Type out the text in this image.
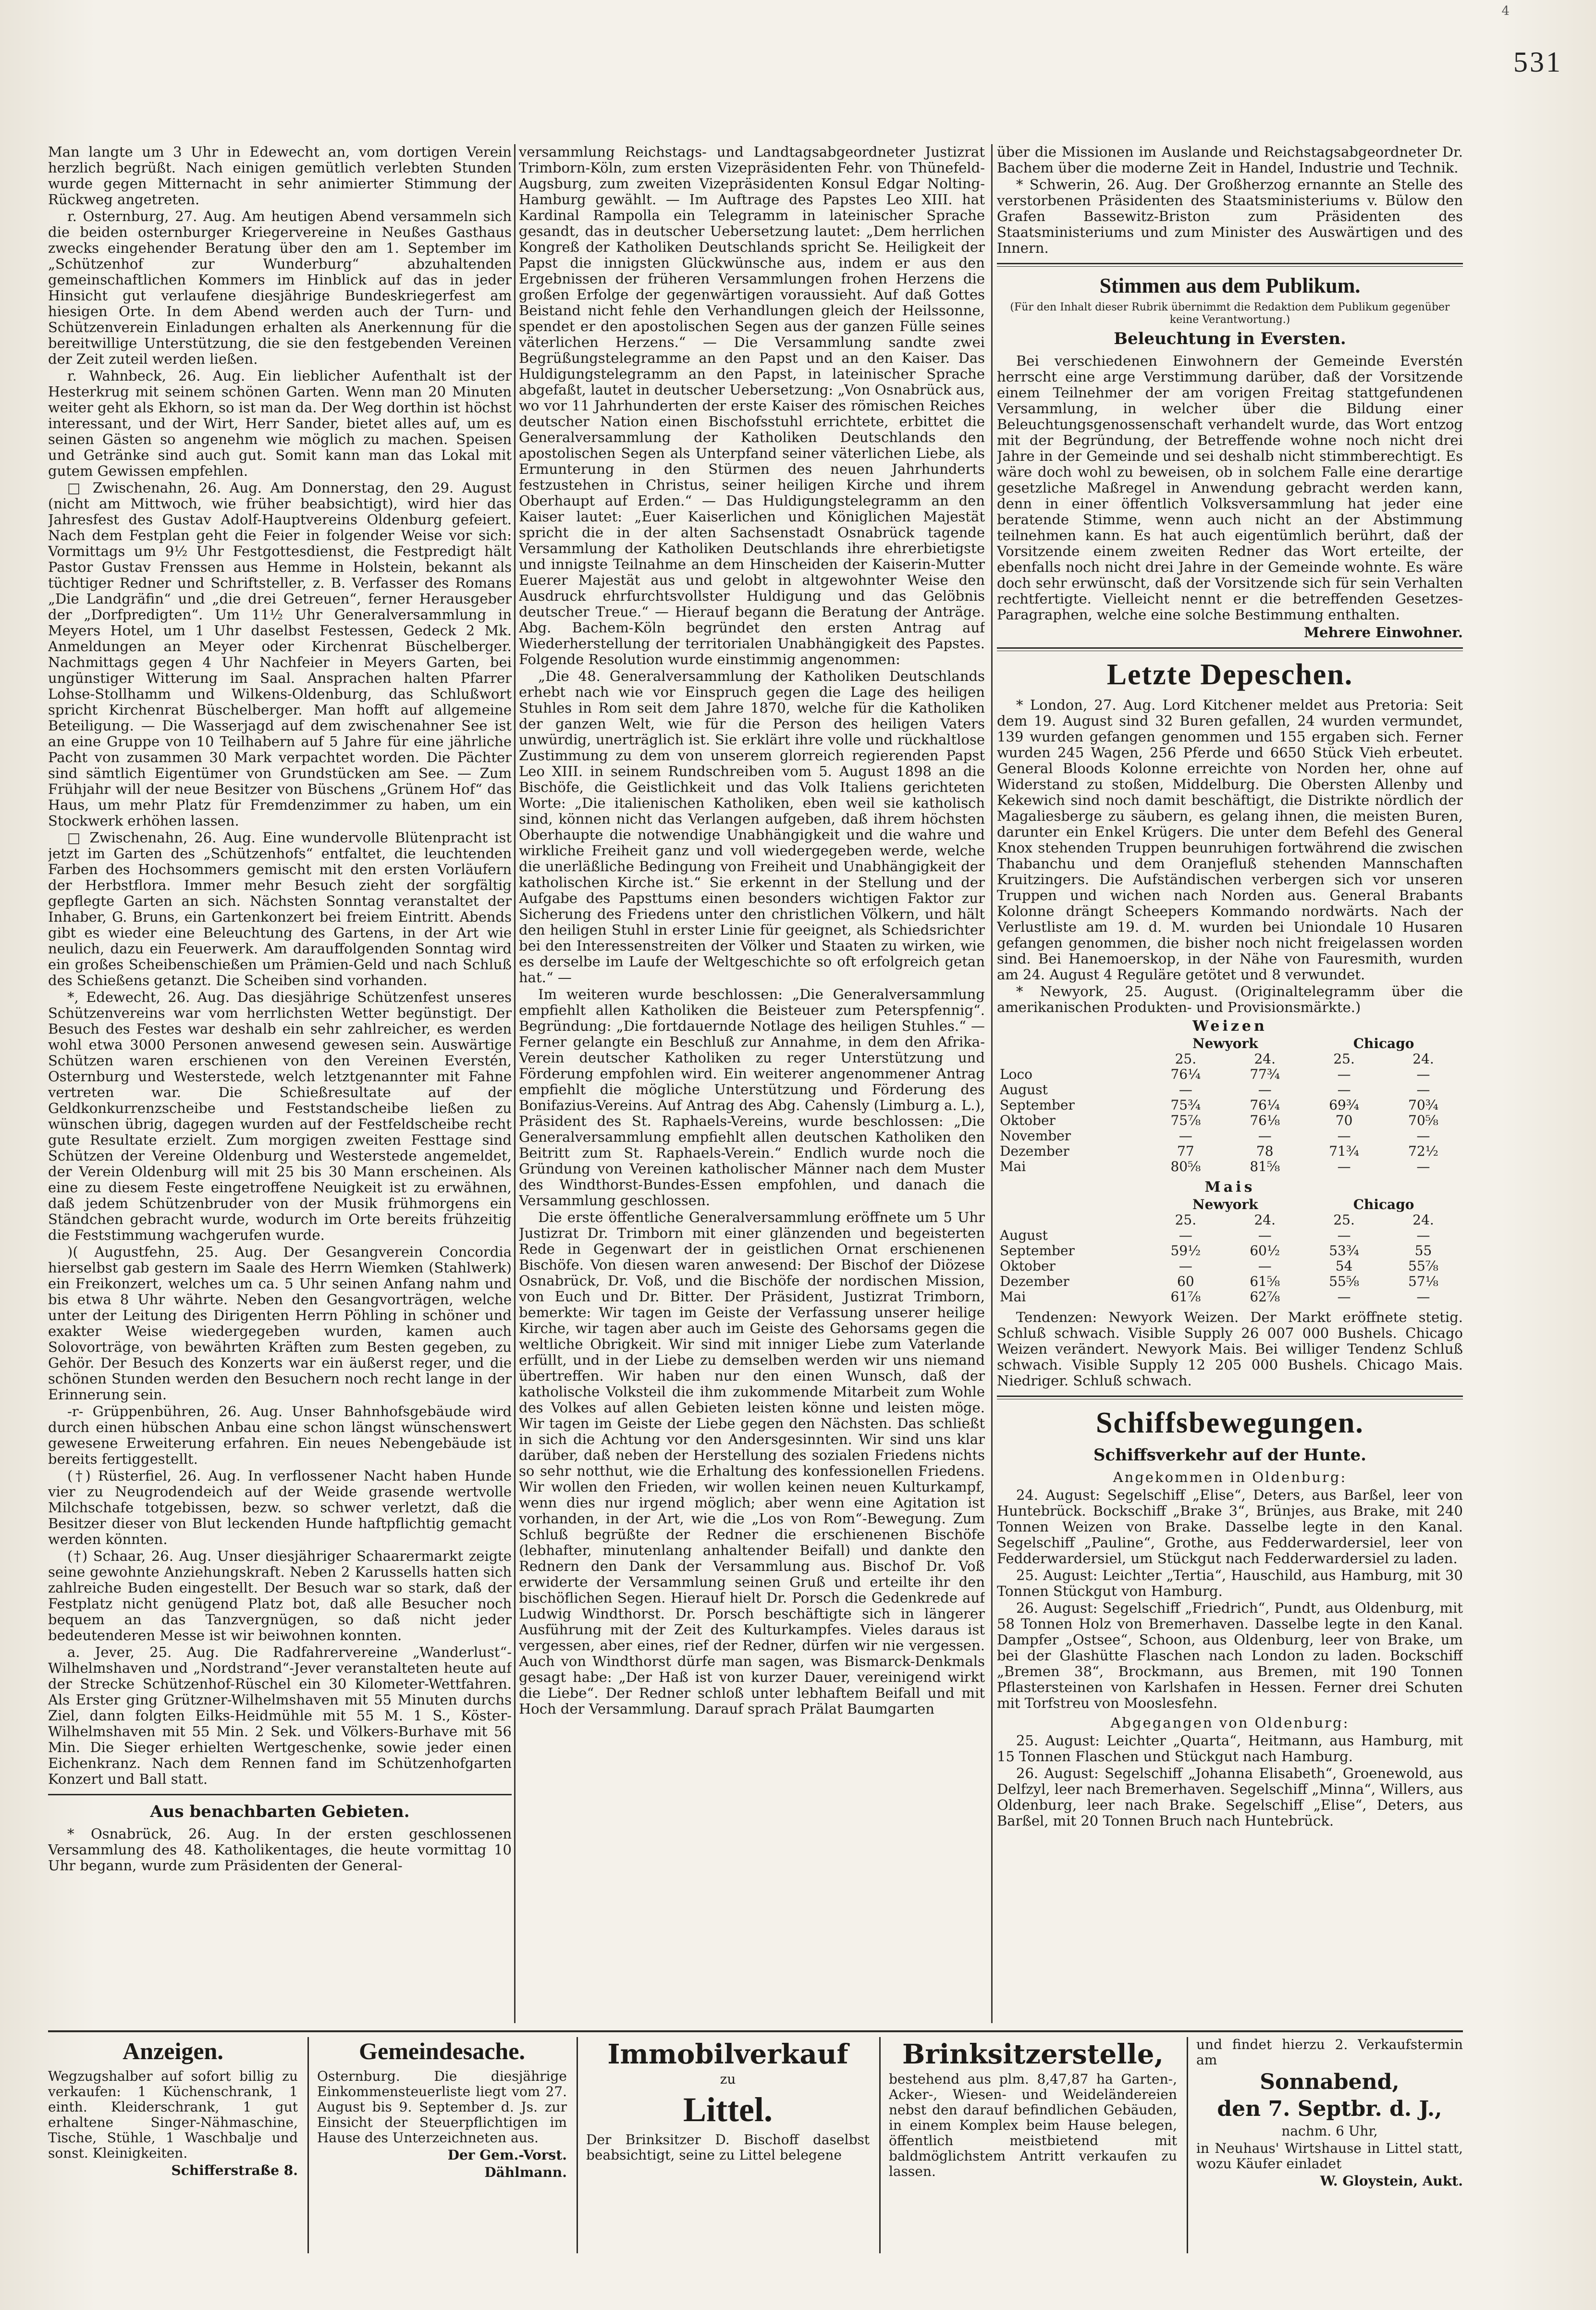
4
531

Man langte um 3 Uhr in Edewecht an, vom dortigen Verein herzlich begrüßt. Nach einigen gemütlich verlebten Stunden wurde gegen Mitternacht in sehr animierter Stimmung der Rückweg angetreten.

r. Osternburg, 27. Aug. Am heutigen Abend versammeln sich die beiden osternburger Kriegervereine in Neußes Gasthaus zwecks eingehender Beratung über den am 1. September im „Schützenhof zur Wunderburg“ abzuhaltenden gemeinschaftlichen Kommers im Hinblick auf das in jeder Hinsicht gut verlaufene diesjährige Bundeskriegerfest am hiesigen Orte. In dem Abend werden auch der Turn- und Schützenverein Einladungen erhalten als Anerkennung für die bereitwillige Unterstützung, die sie den festgebenden Vereinen der Zeit zuteil werden ließen.

r. Wahnbeck, 26. Aug. Ein lieblicher Aufenthalt ist der Hesterkrug mit seinem schönen Garten. Wenn man 20 Minuten weiter geht als Ekhorn, so ist man da. Der Weg dorthin ist höchst interessant, und der Wirt, Herr Sander, bietet alles auf, um es seinen Gästen so angenehm wie möglich zu machen. Speisen und Getränke sind auch gut. Somit kann man das Lokal mit gutem Gewissen empfehlen.

□ Zwischenahn, 26. Aug. Am Donnerstag, den 29. August (nicht am Mittwoch, wie früher beabsichtigt), wird hier das Jahresfest des Gustav Adolf-Hauptvereins Oldenburg gefeiert. Nach dem Festplan geht die Feier in folgender Weise vor sich: Vormittags um 9½ Uhr Festgottesdienst, die Festpredigt hält Pastor Gustav Frenssen aus Hemme in Holstein, bekannt als tüchtiger Redner und Schriftsteller, z. B. Verfasser des Romans „Die Landgräfin“ und „die drei Getreuen“, ferner Herausgeber der „Dorfpredigten“. Um 11½ Uhr Generalversammlung in Meyers Hotel, um 1 Uhr daselbst Festessen, Gedeck 2 Mk. Anmeldungen an Meyer oder Kirchenrat Büschelberger. Nachmittags gegen 4 Uhr Nachfeier in Meyers Garten, bei ungünstiger Witterung im Saal. Ansprachen halten Pfarrer Lohse-Stollhamm und Wilkens-Oldenburg, das Schlußwort spricht Kirchenrat Büschelberger. Man hofft auf allgemeine Beteiligung. — Die Wasserjagd auf dem zwischenahner See ist an eine Gruppe von 10 Teilhabern auf 5 Jahre für eine jährliche Pacht von zusammen 30 Mark verpachtet worden. Die Pächter sind sämtlich Eigentümer von Grundstücken am See. — Zum Frühjahr will der neue Besitzer von Büschens „Grünem Hof“ das Haus, um mehr Platz für Fremdenzimmer zu haben, um ein Stockwerk erhöhen lassen.

□ Zwischenahn, 26. Aug. Eine wundervolle Blütenpracht ist jetzt im Garten des „Schützenhofs“ entfaltet, die leuchtenden Farben des Hochsommers gemischt mit den ersten Vorläufern der Herbstflora. Immer mehr Besuch zieht der sorgfältig gepflegte Garten an sich. Nächsten Sonntag veranstaltet der Inhaber, G. Bruns, ein Gartenkonzert bei freiem Eintritt. Abends gibt es wieder eine Beleuchtung des Gartens, in der Art wie neulich, dazu ein Feuerwerk. Am darauffolgenden Sonntag wird ein großes Scheibenschießen um Prämien-Geld und nach Schluß des Schießens getanzt. Die Scheiben sind vorhanden.

*, Edewecht, 26. Aug. Das diesjährige Schützenfest unseres Schützenvereins war vom herrlichsten Wetter begünstigt. Der Besuch des Festes war deshalb ein sehr zahlreicher, es werden wohl etwa 3000 Personen anwesend gewesen sein. Auswärtige Schützen waren erschienen von den Vereinen Everstén, Osternburg und Westerstede, welch letztgenannter mit Fahne vertreten war. Die Schießresultate auf der Geldkonkurrenzscheibe und Feststandscheibe ließen zu wünschen übrig, dagegen wurden auf der Festfeldscheibe recht gute Resultate erzielt. Zum morgigen zweiten Festtage sind Schützen der Vereine Oldenburg und Westerstede angemeldet, der Verein Oldenburg will mit 25 bis 30 Mann erscheinen. Als eine zu diesem Feste eingetroffene Neuigkeit ist zu erwähnen, daß jedem Schützenbruder von der Musik frühmorgens ein Ständchen gebracht wurde, wodurch im Orte bereits frühzeitig die Feststimmung wachgerufen wurde.

)( Augustfehn, 25. Aug. Der Gesangverein Concordia hierselbst gab gestern im Saale des Herrn Wiemken (Stahlwerk) ein Freikonzert, welches um ca. 5 Uhr seinen Anfang nahm und bis etwa 8 Uhr währte. Neben den Gesangvorträgen, welche unter der Leitung des Dirigenten Herrn Pöhling in schöner und exakter Weise wiedergegeben wurden, kamen auch Solovorträge, von bewährten Kräften zum Besten gegeben, zu Gehör. Der Besuch des Konzerts war ein äußerst reger, und die schönen Stunden werden den Besuchern noch recht lange in der Erinnerung sein.

-r- Grüppenbühren, 26. Aug. Unser Bahnhofsgebäude wird durch einen hübschen Anbau eine schon längst wünschenswert gewesene Erweiterung erfahren. Ein neues Nebengebäude ist bereits fertiggestellt.

(†) Rüsterfiel, 26. Aug. In verflossener Nacht haben Hunde vier zu Neugrodendeich auf der Weide grasende wertvolle Milchschafe totgebissen, bezw. so schwer verletzt, daß die Besitzer dieser von Blut leckenden Hunde haftpflichtig gemacht werden könnten.

(†) Schaar, 26. Aug. Unser diesjähriger Schaarermarkt zeigte seine gewohnte Anziehungskraft. Neben 2 Karussells hatten sich zahlreiche Buden eingestellt. Der Besuch war so stark, daß der Festplatz nicht genügend Platz bot, daß alle Besucher noch bequem an das Tanzvergnügen, so daß nicht jeder bedeutenderen Messe ist wir beiwohnen konnten.

a. Jever, 25. Aug. Die Radfahrervereine „Wanderlust“-Wilhelmshaven und „Nordstrand“-Jever veranstalteten heute auf der Strecke Schützenhof-Rüschel ein 30 Kilometer-Wettfahren. Als Erster ging Grützner-Wilhelmshaven mit 55 Minuten durchs Ziel, dann folgten Eilks-Heidmühle mit 55 M. 1 S., Köster-Wilhelmshaven mit 55 Min. 2 Sek. und Völkers-Burhave mit 56 Min. Die Sieger erhielten Wertgeschenke, sowie jeder einen Eichenkranz. Nach dem Rennen fand im Schützenhofgarten Konzert und Ball statt.

Aus benachbarten Gebieten.

* Osnabrück, 26. Aug. In der ersten geschlossenen Versammlung des 48. Katholikentages, die heute vormittag 10 Uhr begann, wurde zum Präsidenten der General-

versammlung Reichstags- und Landtagsabgeordneter Justizrat Trimborn-Köln, zum ersten Vizepräsidenten Fehr. von Thünefeld-Augsburg, zum zweiten Vizepräsidenten Konsul Edgar Nolting-Hamburg gewählt. — Im Auftrage des Papstes Leo XIII. hat Kardinal Rampolla ein Telegramm in lateinischer Sprache gesandt, das in deutscher Uebersetzung lautet: „Dem herrlichen Kongreß der Katholiken Deutschlands spricht Se. Heiligkeit der Papst die innigsten Glückwünsche aus, indem er aus den Ergebnissen der früheren Versammlungen frohen Herzens die großen Erfolge der gegenwärtigen voraussieht. Auf daß Gottes Beistand nicht fehle den Verhandlungen gleich der Heilssonne, spendet er den apostolischen Segen aus der ganzen Fülle seines väterlichen Herzens.“ — Die Versammlung sandte zwei Begrüßungstelegramme an den Papst und an den Kaiser. Das Huldigungstelegramm an den Papst, in lateinischer Sprache abgefaßt, lautet in deutscher Uebersetzung: „Von Osnabrück aus, wo vor 11 Jahrhunderten der erste Kaiser des römischen Reiches deutscher Nation einen Bischofsstuhl errichtete, erbittet die Generalversammlung der Katholiken Deutschlands den apostolischen Segen als Unterpfand seiner väterlichen Liebe, als Ermunterung in den Stürmen des neuen Jahrhunderts festzustehen in Christus, seiner heiligen Kirche und ihrem Oberhaupt auf Erden.“ — Das Huldigungstelegramm an den Kaiser lautet: „Euer Kaiserlichen und Königlichen Majestät spricht die in der alten Sachsenstadt Osnabrück tagende Versammlung der Katholiken Deutschlands ihre ehrerbietigste und innigste Teilnahme an dem Hinscheiden der Kaiserin-Mutter Euerer Majestät aus und gelobt in altgewohnter Weise den Ausdruck ehrfurchtsvollster Huldigung und das Gelöbnis deutscher Treue.“ — Hierauf begann die Beratung der Anträge. Abg. Bachem-Köln begründet den ersten Antrag auf Wiederherstellung der territorialen Unabhängigkeit des Papstes. Folgende Resolution wurde einstimmig angenommen:

„Die 48. Generalversammlung der Katholiken Deutschlands erhebt nach wie vor Einspruch gegen die Lage des heiligen Stuhles in Rom seit dem Jahre 1870, welche für die Katholiken der ganzen Welt, wie für die Person des heiligen Vaters unwürdig, unerträglich ist. Sie erklärt ihre volle und rückhaltlose Zustimmung zu dem von unserem glorreich regierenden Papst Leo XIII. in seinem Rundschreiben vom 5. August 1898 an die Bischöfe, die Geistlichkeit und das Volk Italiens gerichteten Worte: „Die italienischen Katholiken, eben weil sie katholisch sind, können nicht das Verlangen aufgeben, daß ihrem höchsten Oberhaupte die notwendige Unabhängigkeit und die wahre und wirkliche Freiheit ganz und voll wiedergegeben werde, welche die unerläßliche Bedingung von Freiheit und Unabhängigkeit der katholischen Kirche ist.“ Sie erkennt in der Stellung und der Aufgabe des Papsttums einen besonders wichtigen Faktor zur Sicherung des Friedens unter den christlichen Völkern, und hält den heiligen Stuhl in erster Linie für geeignet, als Schiedsrichter bei den Interessenstreiten der Völker und Staaten zu wirken, wie es derselbe im Laufe der Weltgeschichte so oft erfolgreich getan hat.“ —

Im weiteren wurde beschlossen: „Die Generalversammlung empfiehlt allen Katholiken die Beisteuer zum Peterspfennig“. Begründung: „Die fortdauernde Notlage des heiligen Stuhles.“ — Ferner gelangte ein Beschluß zur Annahme, in dem den Afrika-Verein deutscher Katholiken zu reger Unterstützung und Förderung empfohlen wird. Ein weiterer angenommener Antrag empfiehlt die mögliche Unterstützung und Förderung des Bonifazius-Vereins. Auf Antrag des Abg. Cahensly (Limburg a. L.), Präsident des St. Raphaels-Vereins, wurde beschlossen: „Die Generalversammlung empfiehlt allen deutschen Katholiken den Beitritt zum St. Raphaels-Verein.“ Endlich wurde noch die Gründung von Vereinen katholischer Männer nach dem Muster des Windthorst-Bundes-Essen empfohlen, und danach die Versammlung geschlossen.

Die erste öffentliche Generalversammlung eröffnete um 5 Uhr Justizrat Dr. Trimborn mit einer glänzenden und begeisterten Rede in Gegenwart der in geistlichen Ornat erschienenen Bischöfe. Von diesen waren anwesend: Der Bischof der Diözese Osnabrück, Dr. Voß, und die Bischöfe der nordischen Mission, von Euch und Dr. Bitter. Der Präsident, Justizrat Trimborn, bemerkte: Wir tagen im Geiste der Verfassung unserer heilige Kirche, wir tagen aber auch im Geiste des Gehorsams gegen die weltliche Obrigkeit. Wir sind mit inniger Liebe zum Vaterlande erfüllt, und in der Liebe zu demselben werden wir uns niemand übertreffen. Wir haben nur den einen Wunsch, daß der katholische Volksteil die ihm zukommende Mitarbeit zum Wohle des Volkes auf allen Gebieten leisten könne und leisten möge. Wir tagen im Geiste der Liebe gegen den Nächsten. Das schließt in sich die Achtung vor den Andersgesinnten. Wir sind uns klar darüber, daß neben der Herstellung des sozialen Friedens nichts so sehr notthut, wie die Erhaltung des konfessionellen Friedens. Wir wollen den Frieden, wir wollen keinen neuen Kulturkampf, wenn dies nur irgend möglich; aber wenn eine Agitation ist vorhanden, in der Art, wie die „Los von Rom“-Bewegung. Zum Schluß begrüßte der Redner die erschienenen Bischöfe (lebhafter, minutenlang anhaltender Beifall) und dankte den Rednern den Dank der Versammlung aus. Bischof Dr. Voß erwiderte der Versammlung seinen Gruß und erteilte ihr den bischöflichen Segen. Hierauf hielt Dr. Porsch die Gedenkrede auf Ludwig Windthorst. Dr. Porsch beschäftigte sich in längerer Ausführung mit der Zeit des Kulturkampfes. Vieles daraus ist vergessen, aber eines, rief der Redner, dürfen wir nie vergessen. Auch von Windthorst dürfe man sagen, was Bismarck-Denkmals gesagt habe: „Der Haß ist von kurzer Dauer, vereinigend wirkt die Liebe“. Der Redner schloß unter lebhaftem Beifall und mit Hoch der Versammlung. Darauf sprach Prälat Baumgarten

über die Missionen im Auslande und Reichstagsabgeordneter Dr. Bachem über die moderne Zeit in Handel, Industrie und Technik.

* Schwerin, 26. Aug. Der Großherzog ernannte an Stelle des verstorbenen Präsidenten des Staatsministeriums v. Bülow den Grafen Bassewitz-Briston zum Präsidenten des Staatsministeriums und zum Minister des Auswärtigen und des Innern.

Stimmen aus dem Publikum.
(Für den Inhalt dieser Rubrik übernimmt die Redaktion dem Publikum gegenüber keine Verantwortung.)
Beleuchtung in Eversten.

Bei verschiedenen Einwohnern der Gemeinde Everstén herrscht eine arge Verstimmung darüber, daß der Vorsitzende einem Teilnehmer der am vorigen Freitag stattgefundenen Versammlung, in welcher über die Bildung einer Beleuchtungsgenossenschaft verhandelt wurde, das Wort entzog mit der Begründung, der Betreffende wohne noch nicht drei Jahre in der Gemeinde und sei deshalb nicht stimmberechtigt. Es wäre doch wohl zu beweisen, ob in solchem Falle eine derartige gesetzliche Maßregel in Anwendung gebracht werden kann, denn in einer öffentlich Volksversammlung hat jeder eine beratende Stimme, wenn auch nicht an der Abstimmung teilnehmen kann. Es hat auch eigentümlich berührt, daß der Vorsitzende einem zweiten Redner das Wort erteilte, der ebenfalls noch nicht drei Jahre in der Gemeinde wohnte. Es wäre doch sehr erwünscht, daß der Vorsitzende sich für sein Verhalten rechtfertigte. Vielleicht nennt er die betreffenden Gesetzes-Paragraphen, welche eine solche Bestimmung enthalten.

Mehrere Einwohner.
Letzte Depeschen.

* London, 27. Aug. Lord Kitchener meldet aus Pretoria: Seit dem 19. August sind 32 Buren gefallen, 24 wurden vermundet, 139 wurden gefangen genommen und 155 ergaben sich. Ferner wurden 245 Wagen, 256 Pferde und 6650 Stück Vieh erbeutet. General Bloods Kolonne erreichte von Norden her, ohne auf Widerstand zu stoßen, Middelburg. Die Obersten Allenby und Kekewich sind noch damit beschäftigt, die Distrikte nördlich der Magaliesberge zu säubern, es gelang ihnen, die meisten Buren, darunter ein Enkel Krügers. Die unter dem Befehl des General Knox stehenden Truppen beunruhigen fortwährend die zwischen Thabanchu und dem Oranjefluß stehenden Mannschaften Kruitzingers. Die Aufständischen verbergen sich vor unseren Truppen und wichen nach Norden aus. General Brabants Kolonne drängt Scheepers Kommando nordwärts. Nach der Verlustliste am 19. d. M. wurden bei Uniondale 10 Husaren gefangen genommen, die bisher noch nicht freigelassen worden sind. Bei Hanemoerskop, in der Nähe von Fauresmith, wurden am 24. August 4 Reguläre getötet und 8 verwundet.

* Newyork, 25. August. (Originaltelegramm über die amerikanischen Produkten- und Provisionsmärkte.)

Weizen
	Newyork		Chicago	
	25.	24.	25.	24.
Loco	76¼	77¾	—	—
August	—	—	—	—
September	75¾	76¼	69¾	70¾
Oktober	75⅞	76⅛	70	70⅝
November	—	—	—	—
Dezember	77	78	71¾	72½
Mai	80⅝	81⅝	—	—
Mais
	Newyork		Chicago	
	25.	24.	25.	24.
August	—	—	—	—
September	59½	60½	53¾	55
Oktober	—	—	54	55⅞
Dezember	60	61⅝	55⅝	57⅛
Mai	61⅞	62⅞	—	—

Tendenzen: Newyork Weizen. Der Markt eröffnete stetig. Schluß schwach. Visible Supply 26 007 000 Bushels. Chicago Weizen verändert. Newyork Mais. Bei williger Tendenz Schluß schwach. Visible Supply 12 205 000 Bushels. Chicago Mais. Niedriger. Schluß schwach.

Schiffsbewegungen.
Schiffsverkehr auf der Hunte.
Angekommen in Oldenburg:

24. August: Segelschiff „Elise“, Deters, aus Barßel, leer von Huntebrück. Bockschiff „Brake 3“, Brünjes, aus Brake, mit 240 Tonnen Weizen von Brake. Dasselbe legte in den Kanal. Segelschiff „Pauline“, Grothe, aus Fedderwardersiel, leer von Fedderwardersiel, um Stückgut nach Fedderwardersiel zu laden.

25. August: Leichter „Tertia“, Hauschild, aus Hamburg, mit 30 Tonnen Stückgut von Hamburg.

26. August: Segelschiff „Friedrich“, Pundt, aus Oldenburg, mit 58 Tonnen Holz von Bremerhaven. Dasselbe legte in den Kanal. Dampfer „Ostsee“, Schoon, aus Oldenburg, leer von Brake, um bei der Glashütte Flaschen nach London zu laden. Bockschiff „Bremen 38“, Brockmann, aus Bremen, mit 190 Tonnen Pflastersteinen von Karlshafen in Hessen. Ferner drei Schuten mit Torfstreu von Mooslesfehn.

Abgegangen von Oldenburg:

25. August: Leichter „Quarta“, Heitmann, aus Hamburg, mit 15 Tonnen Flaschen und Stückgut nach Hamburg.

26. August: Segelschiff „Johanna Elisabeth“, Groenewold, aus Delfzyl, leer nach Bremerhaven. Segelschiff „Minna“, Willers, aus Oldenburg, leer nach Brake. Segelschiff „Elise“, Deters, aus Barßel, mit 20 Tonnen Bruch nach Huntebrück.

Anzeigen.

Wegzugshalber auf sofort billig zu verkaufen: 1 Küchenschrank, 1 einth. Kleiderschrank, 1 gut erhaltene Singer-Nähmaschine, Tische, Stühle, 1 Waschbalje und sonst. Kleinigkeiten.

Schifferstraße 8.

Gemeindesache.

Osternburg. Die diesjährige Einkommensteuerliste liegt vom 27. August bis 9. September d. Js. zur Einsicht der Steuerpflichtigen im Hause des Unterzeichneten aus.

Der Gem.-Vorst.

Dählmann.

Immobilverkauf

zu

Littel.

Der Brinksitzer D. Bischoff daselbst beabsichtigt, seine zu Littel belegene

Brinksitzerstelle,

bestehend aus plm. 8,47,87 ha Garten-, Acker-, Wiesen- und Weideländereien nebst den darauf befindlichen Gebäuden, in einem Komplex beim Hause belegen, öffentlich meistbietend mit baldmöglichstem Antritt verkaufen zu lassen.

und findet hierzu 2. Verkaufstermin am

Sonnabend,
den 7. Septbr. d. J.,

nachm. 6 Uhr,

in Neuhaus' Wirtshause in Littel statt, wozu Käufer einladet

W. Gloystein, Aukt.
